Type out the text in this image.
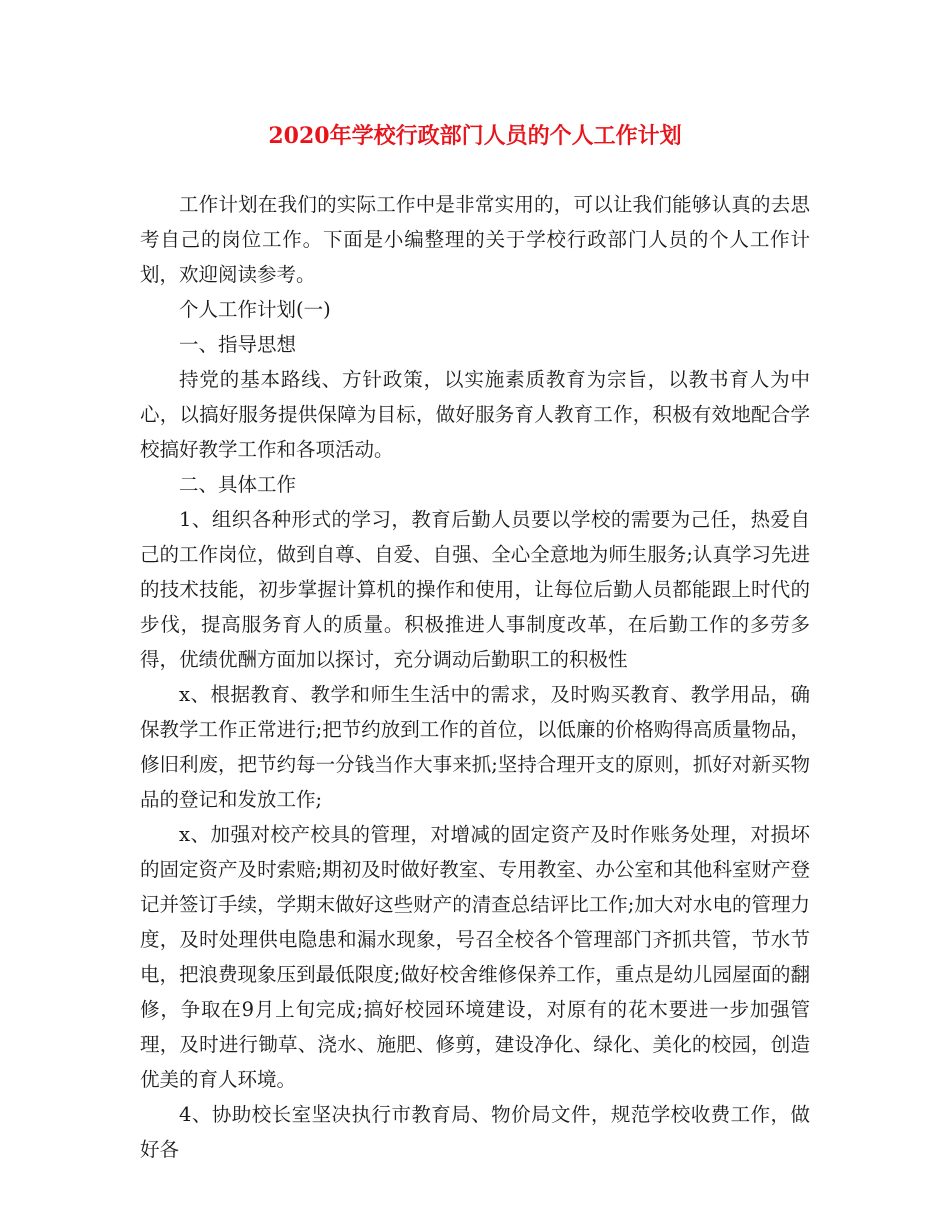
2020年学校行政部门人员的个人工作计划

工作计划在我们的实际工作中是非常实用的，可以让我们能够认真的去思考自己的岗位工作。下面是小编整理的关于学校行政部门人员的个人工作计划，欢迎阅读参考。

个人工作计划(一)

一、指导思想

持党的基本路线、方针政策，以实施素质教育为宗旨，以教书育人为中心，以搞好服务提供保障为目标，做好服务育人教育工作，积极有效地配合学校搞好教学工作和各项活动。

二、具体工作

1、组织各种形式的学习，教育后勤人员要以学校的需要为己任，热爱自己的工作岗位，做到自尊、自爱、自强、全心全意地为师生服务;认真学习先进的技术技能，初步掌握计算机的操作和使用，让每位后勤人员都能跟上时代的步伐，提高服务育人的质量。积极推进人事制度改革，在后勤工作的多劳多得，优绩优酬方面加以探讨，充分调动后勤职工的积极性

x、根据教育、教学和师生生活中的需求，及时购买教育、教学用品，确保教学工作正常进行;把节约放到工作的首位，以低廉的价格购得高质量物品，修旧利废，把节约每一分钱当作大事来抓;坚持合理开支的原则，抓好对新买物品的登记和发放工作;

x、加强对校产校具的管理，对增减的固定资产及时作账务处理，对损坏的固定资产及时索赔;期初及时做好教室、专用教室、办公室和其他科室财产登记并签订手续，学期末做好这些财产的清查总结评比工作;加大对水电的管理力度，及时处理供电隐患和漏水现象，号召全校各个管理部门齐抓共管，节水节电，把浪费现象压到最低限度;做好校舍维修保养工作，重点是幼儿园屋面的翻修，争取在9月上旬完成;搞好校园环境建设，对原有的花木要进一步加强管理，及时进行锄草、浇水、施肥、修剪，建设净化、绿化、美化的校园，创造优美的育人环境。

4、协助校长室坚决执行市教育局、物价局文件，规范学校收费工作，做好各
